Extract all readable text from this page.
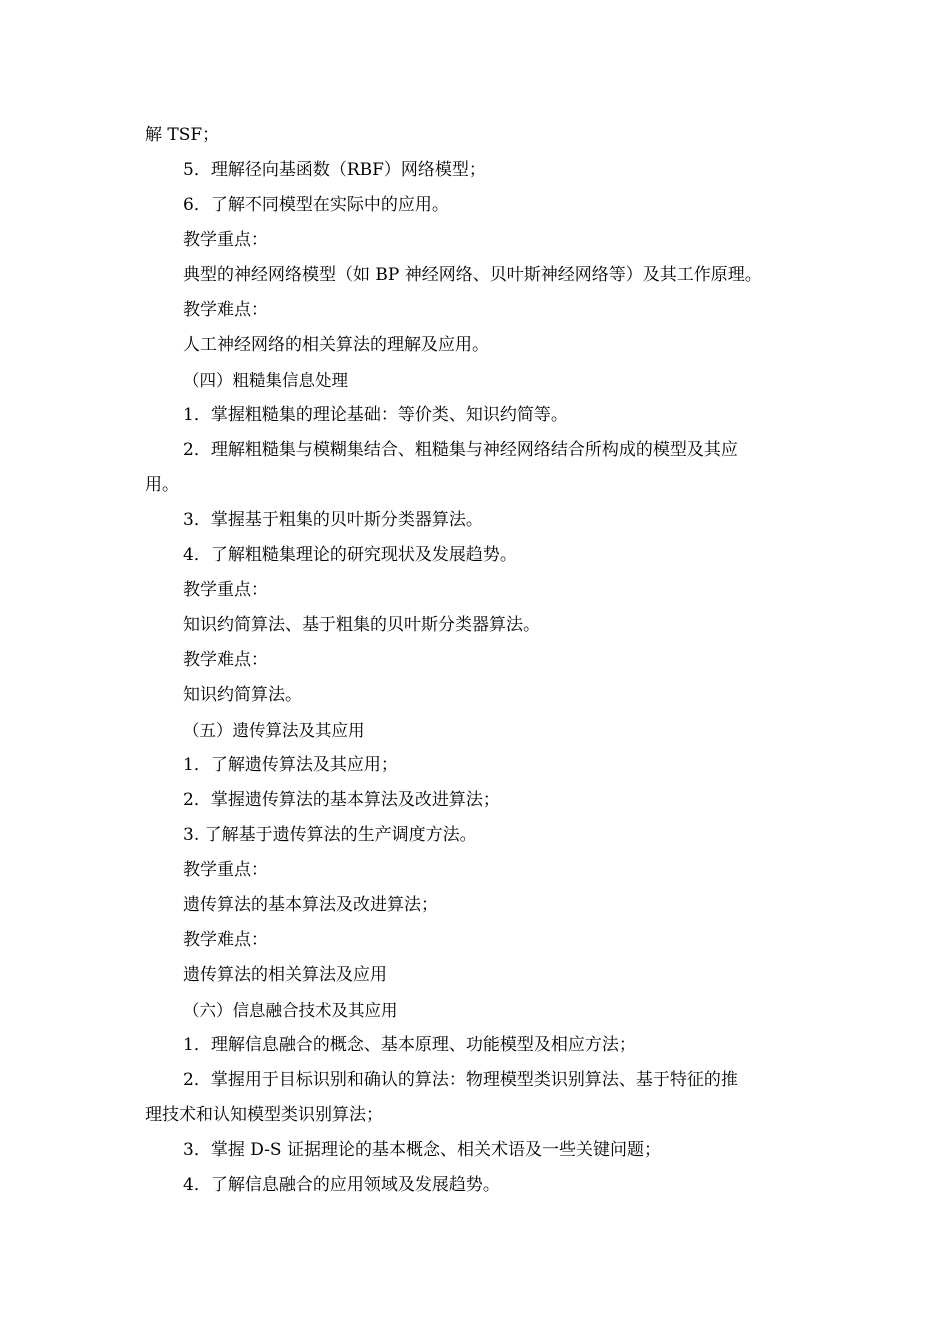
解 TSF；
5．理解径向基函数（RBF）网络模型；
6．了解不同模型在实际中的应用。
教学重点：
典型的神经网络模型（如 BP 神经网络、贝叶斯神经网络等）及其工作原理。
教学难点：
人工神经网络的相关算法的理解及应用。
（四）粗糙集信息处理
1．掌握粗糙集的理论基础：等价类、知识约简等。
2．理解粗糙集与模糊集结合、粗糙集与神经网络结合所构成的模型及其应
用。
3．掌握基于粗集的贝叶斯分类器算法。
4．了解粗糙集理论的研究现状及发展趋势。
教学重点：
知识约简算法、基于粗集的贝叶斯分类器算法。
教学难点：
知识约简算法。
（五）遗传算法及其应用
1．了解遗传算法及其应用；
2．掌握遗传算法的基本算法及改进算法；
3. 了解基于遗传算法的生产调度方法。
教学重点：
遗传算法的基本算法及改进算法；
教学难点：
遗传算法的相关算法及应用
（六）信息融合技术及其应用
1．理解信息融合的概念、基本原理、功能模型及相应方法；
2．掌握用于目标识别和确认的算法：物理模型类识别算法、基于特征的推
理技术和认知模型类识别算法；
3．掌握 D-S 证据理论的基本概念、相关术语及一些关键问题；
4．了解信息融合的应用领域及发展趋势。
